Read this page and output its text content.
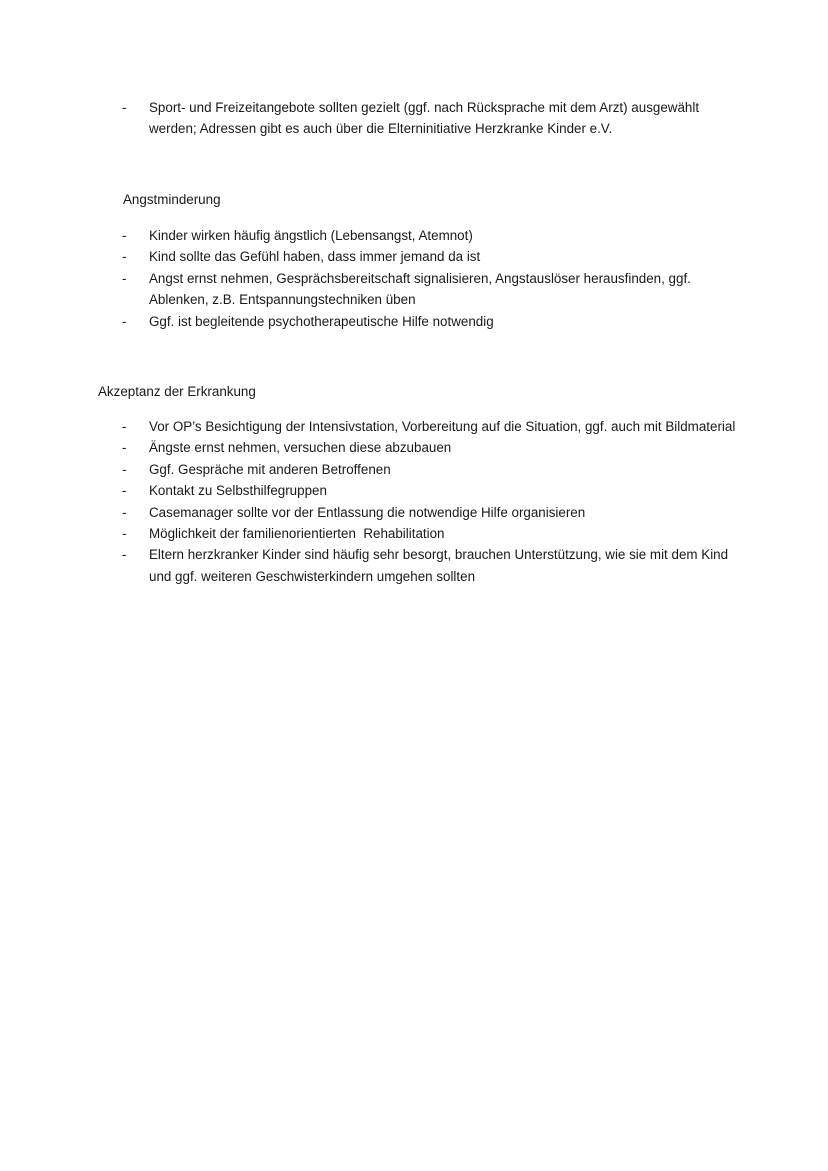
- Sport- und Freizeitangebote sollten gezielt (ggf. nach Rücksprache mit dem Arzt) ausgewählt werden; Adressen gibt es auch über die Elterninitiative Herzkranke Kinder e.V.
Angstminderung
- Kinder wirken häufig ängstlich (Lebensangst, Atemnot)
- Kind sollte das Gefühl haben, dass immer jemand da ist
- Angst ernst nehmen, Gesprächsbereitschaft signalisieren, Angstauslöser herausfinden, ggf. Ablenken, z.B. Entspannungstechniken üben
- Ggf. ist begleitende psychotherapeutische Hilfe notwendig
Akzeptanz der Erkrankung
- Vor OP’s Besichtigung der Intensivstation, Vorbereitung auf die Situation, ggf. auch mit Bildmaterial
- Ängste ernst nehmen, versuchen diese abzubauen
- Ggf. Gespräche mit anderen Betroffenen
- Kontakt zu Selbsthilfegruppen
- Casemanager sollte vor der Entlassung die notwendige Hilfe organisieren
- Möglichkeit der familienorientierten  Rehabilitation
- Eltern herzkranker Kinder sind häufig sehr besorgt, brauchen Unterstützung, wie sie mit dem Kind und ggf. weiteren Geschwisterkindern umgehen sollten
